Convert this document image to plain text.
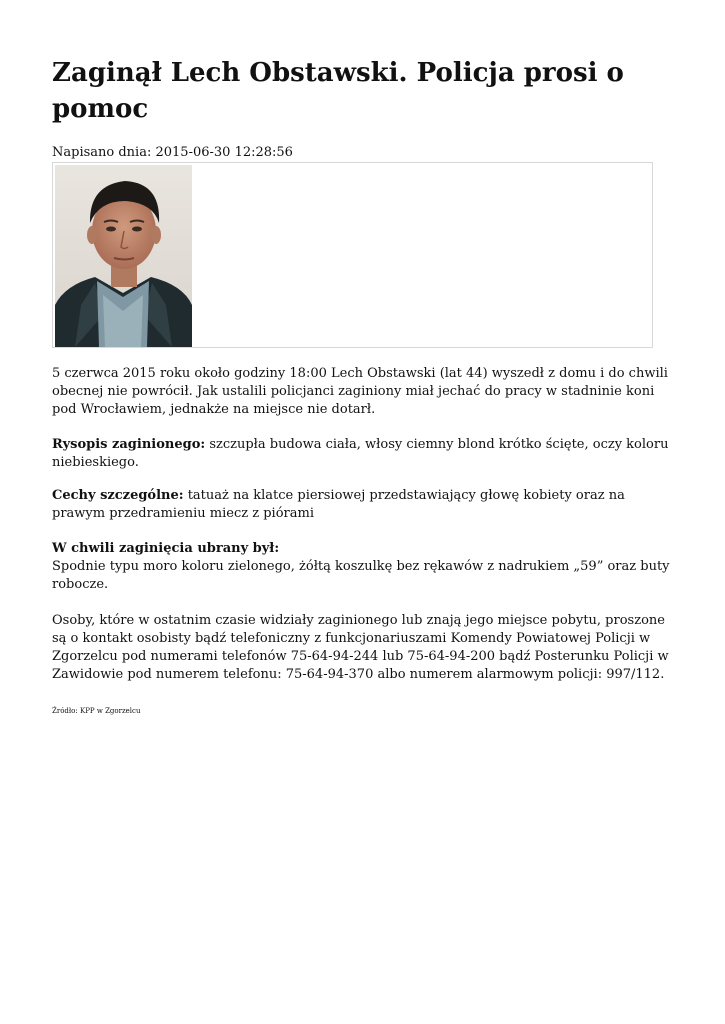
Zaginął Lech Obstawski. Policja prosi o pomoc
Napisano dnia: 2015-06-30 12:28:56

5 czerwca 2015 roku około godziny 18:00 Lech Obstawski (lat 44) wyszedł z domu i do chwili obecnej nie powrócił. Jak ustalili policjanci zaginiony miał jechać do pracy w stadninie koni pod Wrocławiem, jednakże na miejsce nie dotarł.

Rysopis zaginionego: szczupła budowa ciała, włosy ciemny blond krótko ścięte, oczy koloru niebieskiego.

Cechy szczególne: tatuaż na klatce piersiowej przedstawiający głowę kobiety oraz na prawym przedramieniu miecz z piórami

W chwili zaginięcia ubrany był:
Spodnie typu moro koloru zielonego, żółtą koszulkę bez rękawów z nadrukiem „59” oraz buty robocze.

Osoby, które w ostatnim czasie widziały zaginionego lub znają jego miejsce pobytu, proszone są o kontakt osobisty bądź telefoniczny z funkcjonariuszami Komendy Powiatowej Policji w Zgorzelcu pod numerami telefonów 75-64-94-244 lub 75-64-94-200 bądź Posterunku Policji w Zawidowie pod numerem telefonu: 75-64-94-370 albo numerem alarmowym policji: 997/112.

Źródło: KPP w Zgorzelcu
